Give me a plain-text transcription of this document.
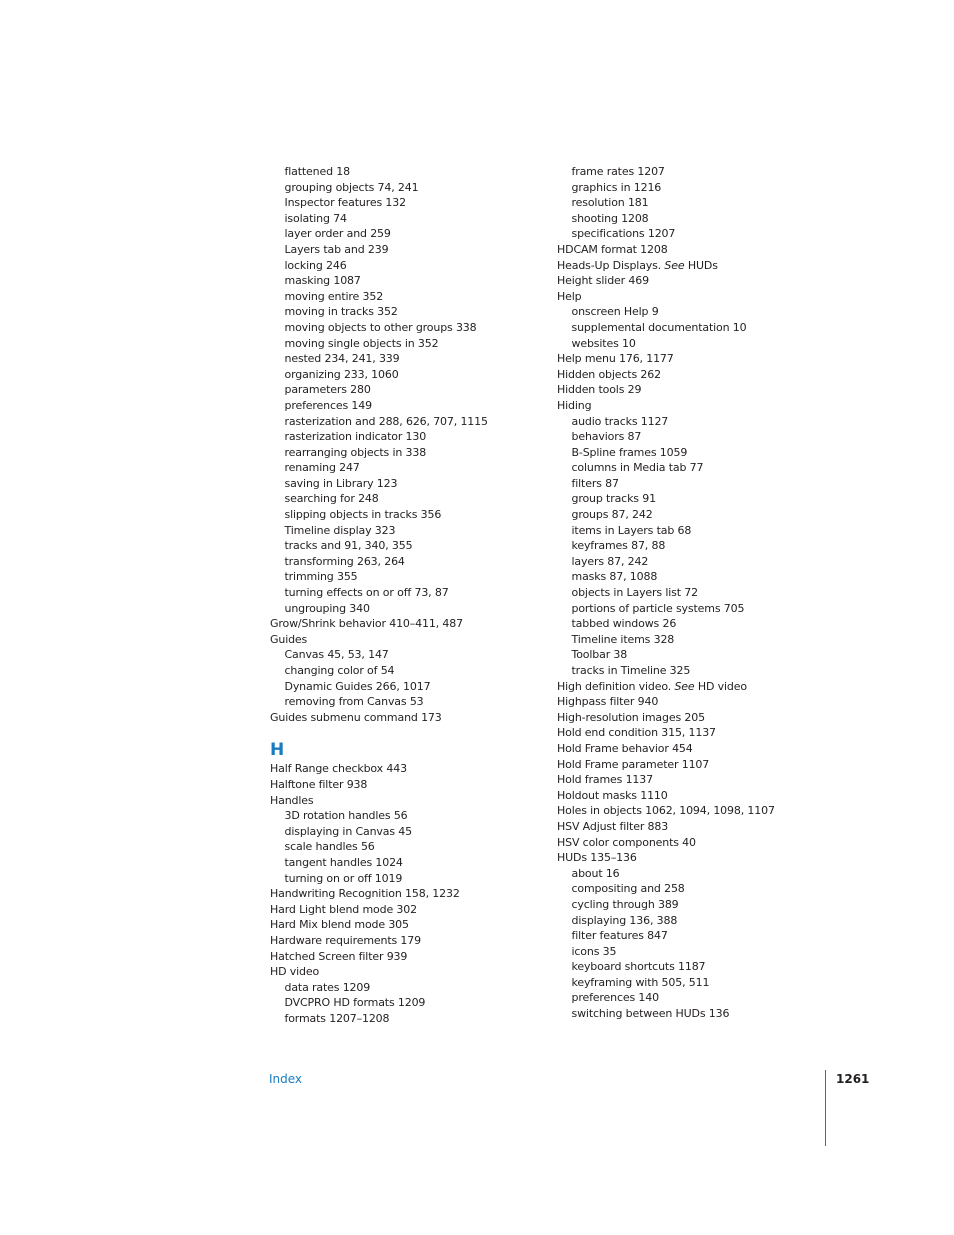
flattened 18
grouping objects 74, 241
Inspector features 132
isolating 74
layer order and 259
Layers tab and 239
locking 246
masking 1087
moving entire 352
moving in tracks 352
moving objects to other groups 338
moving single objects in 352
nested 234, 241, 339
organizing 233, 1060
parameters 280
preferences 149
rasterization and 288, 626, 707, 1115
rasterization indicator 130
rearranging objects in 338
renaming 247
saving in Library 123
searching for 248
slipping objects in tracks 356
Timeline display 323
tracks and 91, 340, 355
transforming 263, 264
trimming 355
turning effects on or off 73, 87
ungrouping 340
Grow/Shrink behavior 410–411, 487
Guides
Canvas 45, 53, 147
changing color of 54
Dynamic Guides 266, 1017
removing from Canvas 53
Guides submenu command 173
H
Half Range checkbox 443
Halftone filter 938
Handles
3D rotation handles 56
displaying in Canvas 45
scale handles 56
tangent handles 1024
turning on or off 1019
Handwriting Recognition 158, 1232
Hard Light blend mode 302
Hard Mix blend mode 305
Hardware requirements 179
Hatched Screen filter 939
HD video
data rates 1209
DVCPRO HD formats 1209
formats 1207–1208
frame rates 1207
graphics in 1216
resolution 181
shooting 1208
specifications 1207
HDCAM format 1208
Heads-Up Displays. See HUDs
Height slider 469
Help
onscreen Help 9
supplemental documentation 10
websites 10
Help menu 176, 1177
Hidden objects 262
Hidden tools 29
Hiding
audio tracks 1127
behaviors 87
B-Spline frames 1059
columns in Media tab 77
filters 87
group tracks 91
groups 87, 242
items in Layers tab 68
keyframes 87, 88
layers 87, 242
masks 87, 1088
objects in Layers list 72
portions of particle systems 705
tabbed windows 26
Timeline items 328
Toolbar 38
tracks in Timeline 325
High definition video. See HD video
Highpass filter 940
High-resolution images 205
Hold end condition 315, 1137
Hold Frame behavior 454
Hold Frame parameter 1107
Hold frames 1137
Holdout masks 1110
Holes in objects 1062, 1094, 1098, 1107
HSV Adjust filter 883
HSV color components 40
HUDs 135–136
about 16
compositing and 258
cycling through 389
displaying 136, 388
filter features 847
icons 35
keyboard shortcuts 1187
keyframing with 505, 511
preferences 140
switching between HUDs 136
Index	1261
